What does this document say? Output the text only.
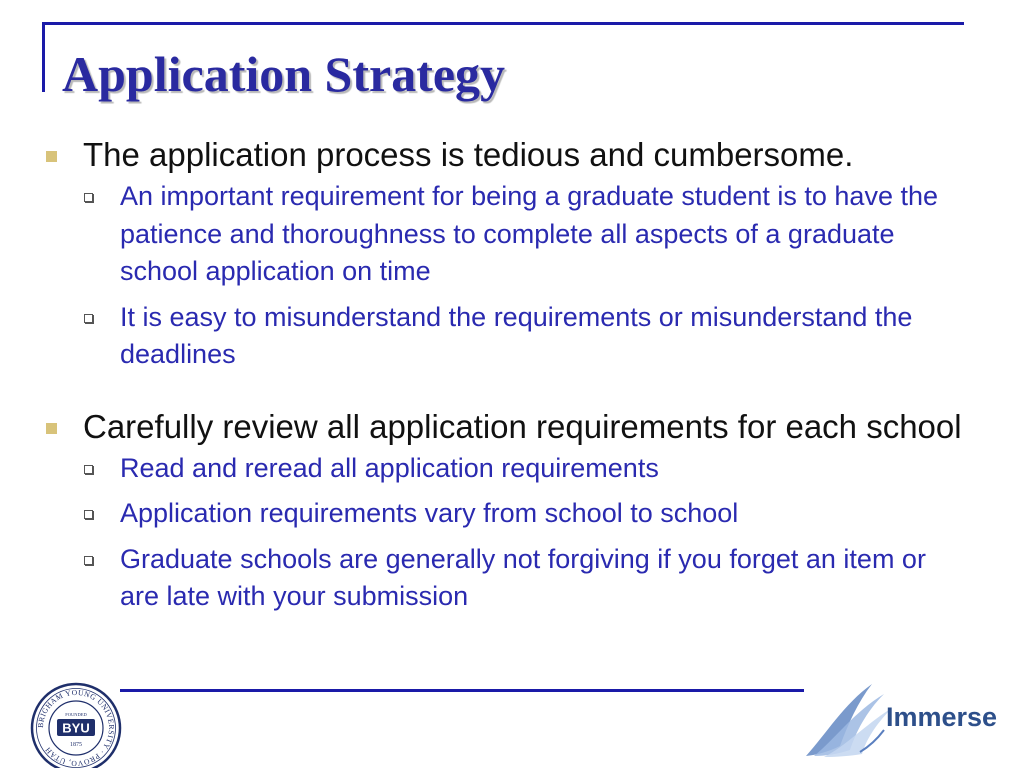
Application Strategy
The application process is tedious and cumbersome.
An important requirement for being a graduate student is to have the patience and thoroughness to complete all aspects of a graduate school application on time
It is easy to misunderstand the requirements or misunderstand the deadlines
Carefully review all application requirements for each school
Read and reread all application requirements
Application requirements vary from school to school
Graduate schools are generally not forgiving if you forget an item or are late with your submission
BRIGHAM YOUNG UNIVERSITY · PROVO, UTAH
FOUNDED
BYU
1875
Immerse
